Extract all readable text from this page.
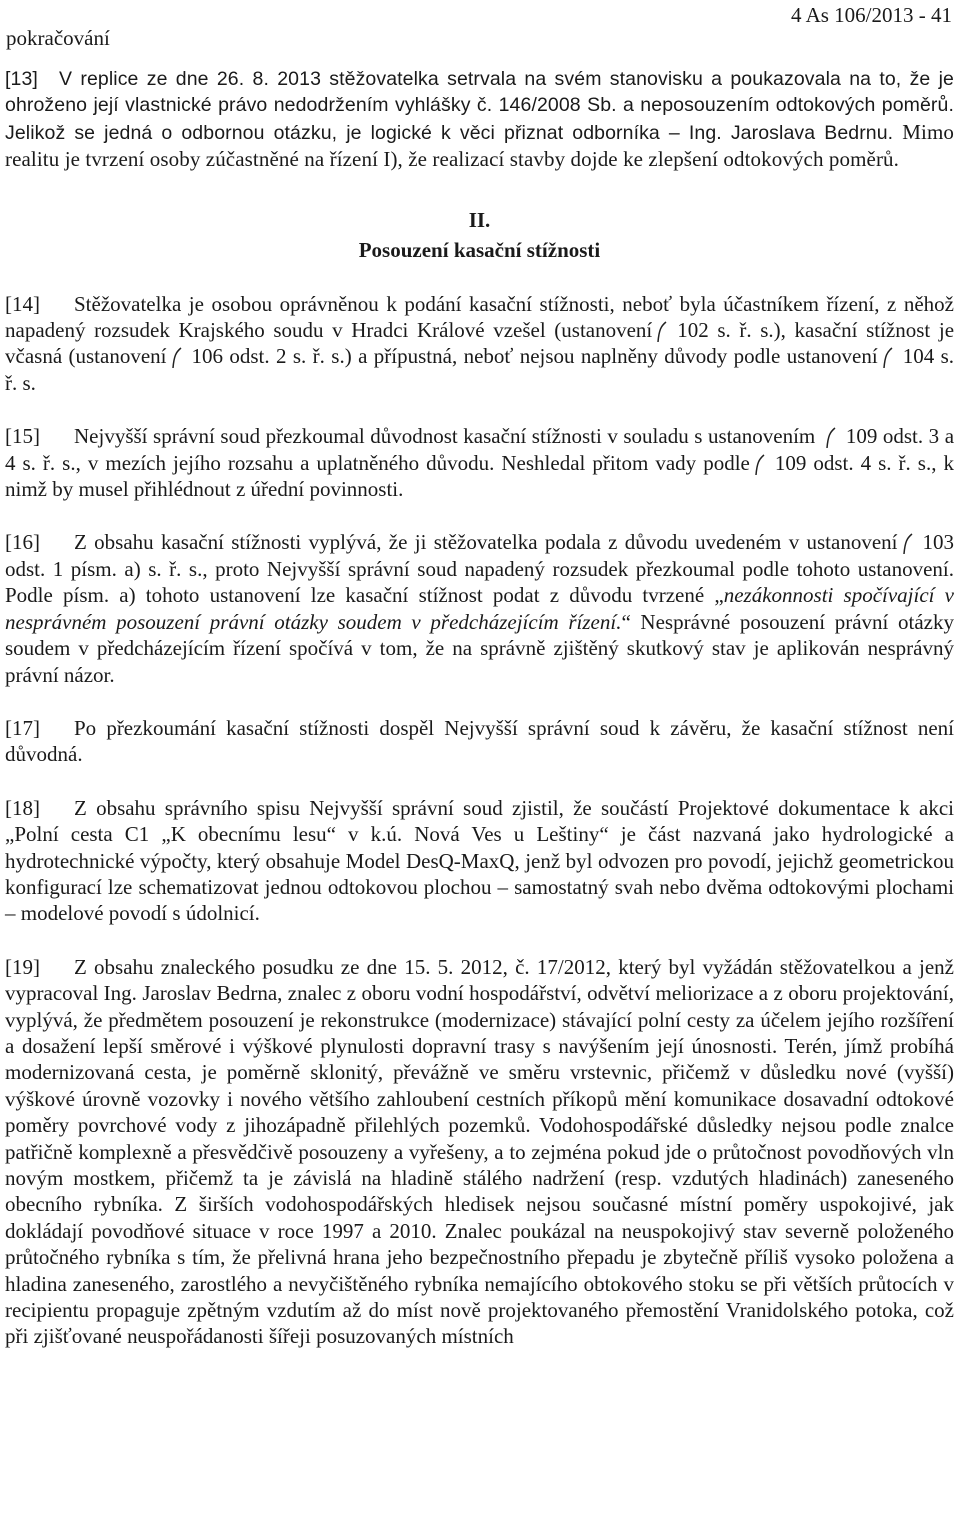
pokračování
4 As 106/2013 - 41

[13] V replice ze dne 26. 8. 2013 stěžovatelka setrvala na svém stanovisku a poukazovala na to, že je ohroženo její vlastnické právo nedodržením vyhlášky č. 146/2008 Sb. a neposouzením odtokových poměrů. Jelikož se jedná o odbornou otázku, je logické k věci přiznat odborníka – Ing. Jaroslava Bedrnu. Mimo realitu je tvrzení osoby zúčastněné na řízení I), že realizací stavby dojde ke zlepšení odtokových poměrů.

II.
Posouzení kasační stížnosti

[14] Stěžovatelka je osobou oprávněnou k podání kasační stížnosti, neboť byla účastníkem řízení, z něhož napadený rozsudek Krajského soudu v Hradci Králové vzešel (ustanovení 102 s. ř. s.), kasační stížnost je včasná (ustanovení 106 odst. 2 s. ř. s.) a přípustná, neboť nejsou naplněny důvody podle ustanovení 104 s. ř. s.

[15] Nejvyšší správní soud přezkoumal důvodnost kasační stížnosti v souladu s ustanovením 109 odst. 3 a 4 s. ř. s., v mezích jejího rozsahu a uplatněného důvodu. Neshledal přitom vady podle 109 odst. 4 s. ř. s., k nimž by musel přihlédnout z úřední povinnosti.

[16] Z obsahu kasační stížnosti vyplývá, že ji stěžovatelka podala z důvodu uvedeném v ustanovení 103 odst. 1 písm. a) s. ř. s., proto Nejvyšší správní soud napadený rozsudek přezkoumal podle tohoto ustanovení. Podle písm. a) tohoto ustanovení lze kasační stížnost podat z důvodu tvrzené „nezákonnosti spočívající v nesprávném posouzení právní otázky soudem v předcházejícím řízení.“ Nesprávné posouzení právní otázky soudem v předcházejícím řízení spočívá v tom, že na správně zjištěný skutkový stav je aplikován nesprávný právní názor.

[17] Po přezkoumání kasační stížnosti dospěl Nejvyšší správní soud k závěru, že kasační stížnost není důvodná.

[18] Z obsahu správního spisu Nejvyšší správní soud zjistil, že součástí Projektové dokumentace k akci „Polní cesta C1 „K obecnímu lesu“ v k.ú. Nová Ves u Leštiny“ je část nazvaná jako hydrologické a hydrotechnické výpočty, který obsahuje Model DesQ-MaxQ, jenž byl odvozen pro povodí, jejichž geometrickou konfigurací lze schematizovat jednou odtokovou plochou – samostatný svah nebo dvěma odtokovými plochami – modelové povodí s údolnicí.

[19] Z obsahu znaleckého posudku ze dne 15. 5. 2012, č. 17/2012, který byl vyžádán stěžovatelkou a jenž vypracoval Ing. Jaroslav Bedrna, znalec z oboru vodní hospodářství, odvětví meliorizace a z oboru projektování, vyplývá, že předmětem posouzení je rekonstrukce (modernizace) stávající polní cesty za účelem jejího rozšíření a dosažení lepší směrové i výškové plynulosti dopravní trasy s navýšením její únosnosti. Terén, jímž probíhá modernizovaná cesta, je poměrně sklonitý, převážně ve směru vrstevnic, přičemž v důsledku nové (vyšší) výškové úrovně vozovky i nového většího zahloubení cestních příkopů mění komunikace dosavadní odtokové poměry povrchové vody z jihozápadně přilehlých pozemků. Vodohospodářské důsledky nejsou podle znalce patřičně komplexně a přesvědčivě posouzeny a vyřešeny, a to zejména pokud jde o průtočnost povodňových vln novým mostkem, přičemž ta je závislá na hladině stálého nadržení (resp. vzdutých hladinách) zaneseného obecního rybníka. Z širších vodohospodářských hledisek nejsou současné místní poměry uspokojivé, jak dokládají povodňové situace v roce 1997 a 2010. Znalec poukázal na neuspokojivý stav severně položeného průtočného rybníka s tím, že přelivná hrana jeho bezpečnostního přepadu je zbytečně příliš vysoko položena a hladina zaneseného, zarostlého a nevyčištěného rybníka nemajícího obtokového stoku se při větších průtocích v recipientu propaguje zpětným vzdutím až do míst nově projektovaného přemostění Vranidolského potoka, což při zjišťované neuspořádanosti šířeji posuzovaných místních
